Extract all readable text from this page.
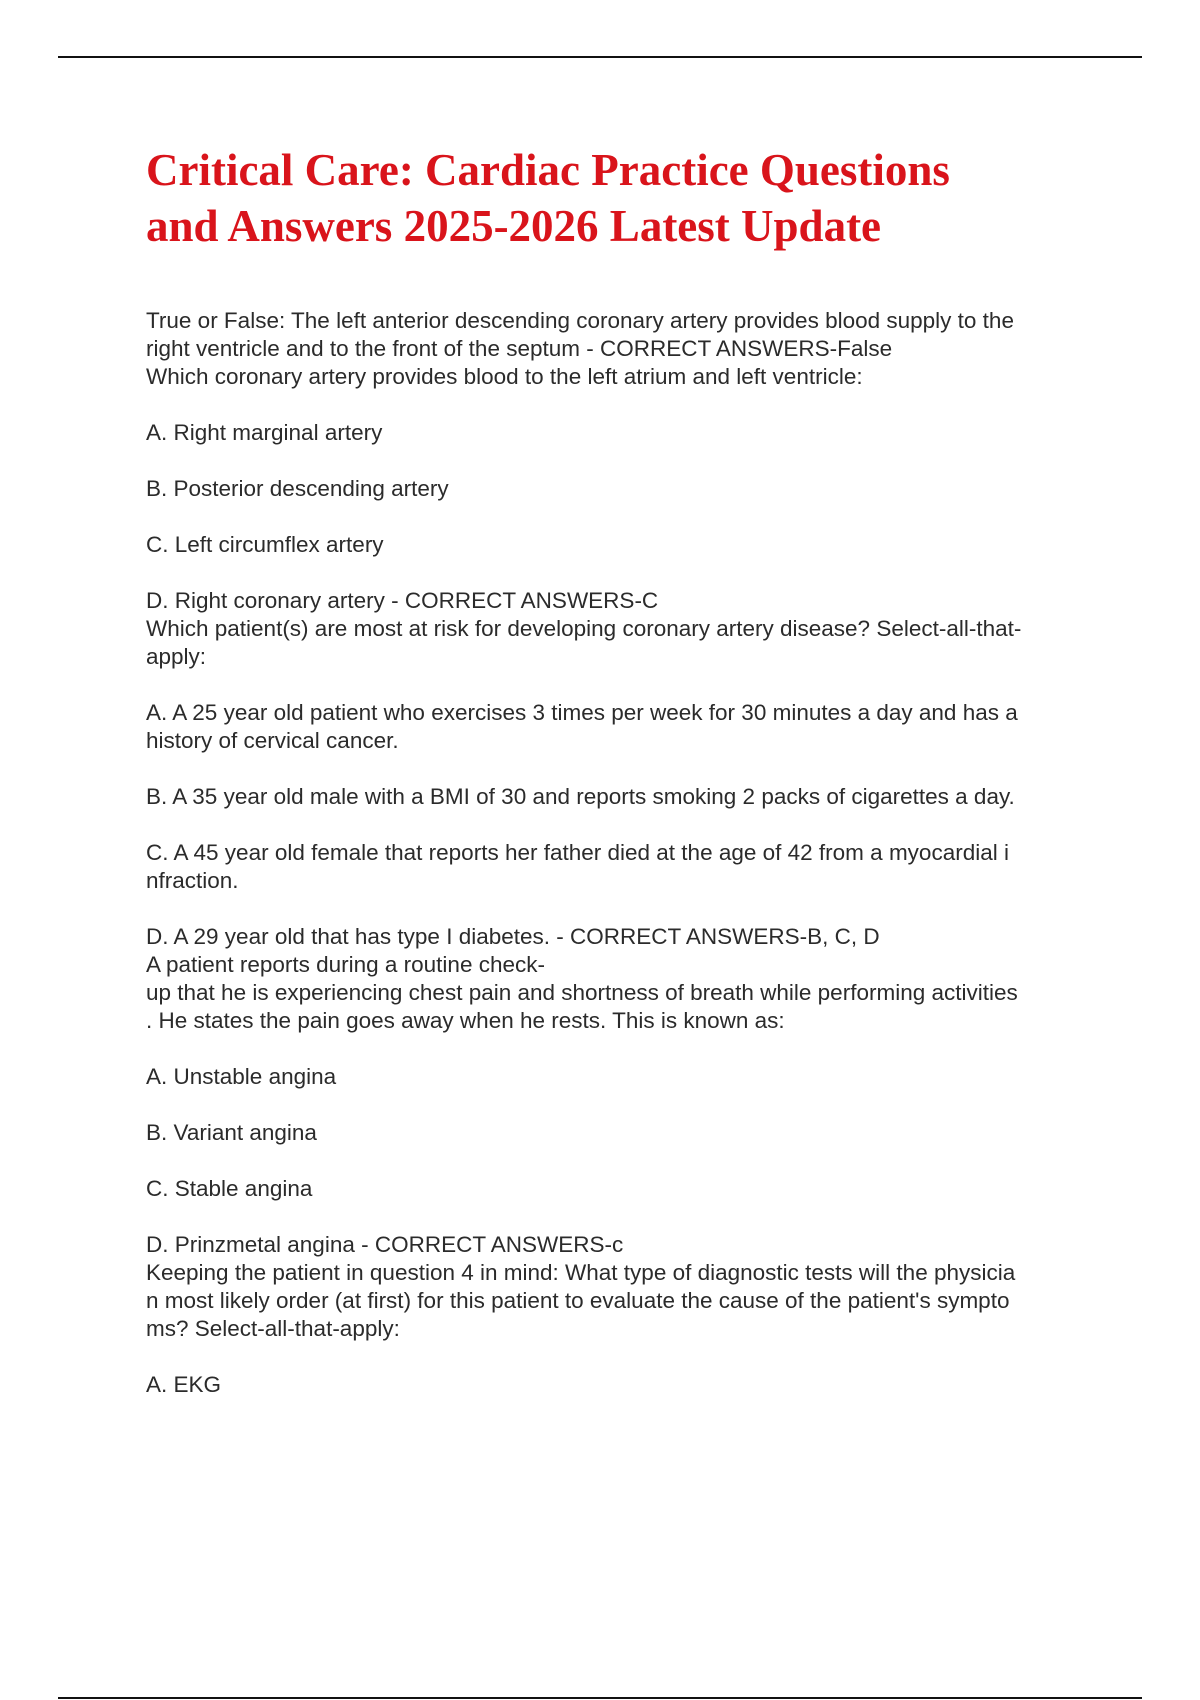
Critical Care: Cardiac Practice Questions
and Answers 2025-2026 Latest Update
True or False: The left anterior descending coronary artery provides blood supply to the
right ventricle and to the front of the septum - CORRECT ANSWERS-False
Which coronary artery provides blood to the left atrium and left ventricle:
A. Right marginal artery
B. Posterior descending artery
C. Left circumflex artery
D. Right coronary artery - CORRECT ANSWERS-C
Which patient(s) are most at risk for developing coronary artery disease? Select-all-that-
apply:
A. A 25 year old patient who exercises 3 times per week for 30 minutes a day and has a
history of cervical cancer.
B. A 35 year old male with a BMI of 30 and reports smoking 2 packs of cigarettes a day.
C. A 45 year old female that reports her father died at the age of 42 from a myocardial i
nfraction.
D. A 29 year old that has type I diabetes. - CORRECT ANSWERS-B, C, D
A patient reports during a routine check-
up that he is experiencing chest pain and shortness of breath while performing activities
. He states the pain goes away when he rests. This is known as:
A. Unstable angina
B. Variant angina
C. Stable angina
D. Prinzmetal angina - CORRECT ANSWERS-c
Keeping the patient in question 4 in mind: What type of diagnostic tests will the physicia
n most likely order (at first) for this patient to evaluate the cause of the patient's sympto
ms? Select-all-that-apply:
A. EKG
